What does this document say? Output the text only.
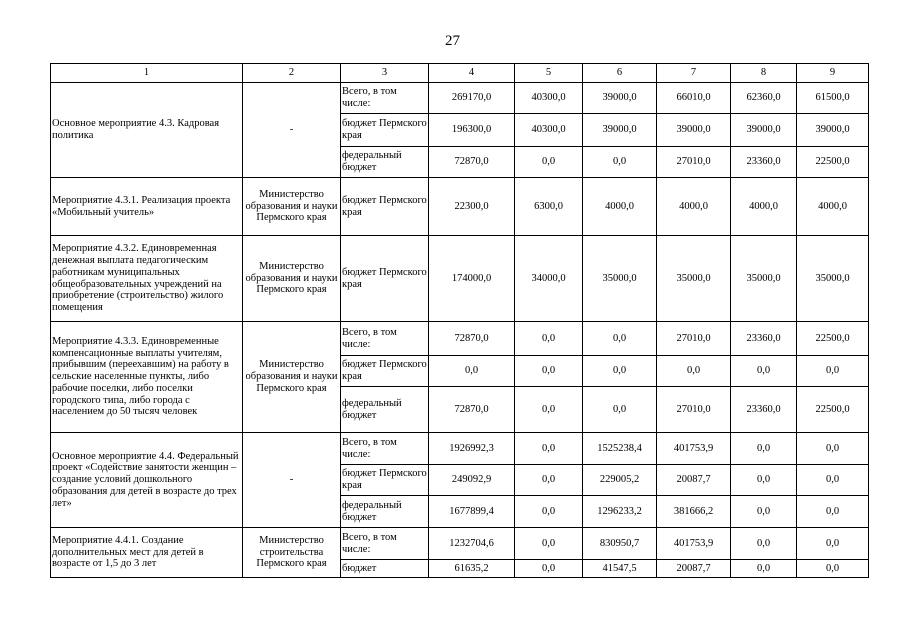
27
1	2	3	4	5	6	7	8	9
Основное мероприятие 4.3. Кадровая политика	-	Всего, в том числе:	269170,0	40300,0	39000,0	66010,0	62360,0	61500,0
		бюджет Пермского края	196300,0	40300,0	39000,0	39000,0	39000,0	39000,0
		федеральный бюджет	72870,0	0,0	0,0	27010,0	23360,0	22500,0
Мероприятие 4.3.1. Реализация проекта «Мобильный учитель»	Министерство образования и науки Пермского края	бюджет Пермского края	22300,0	6300,0	4000,0	4000,0	4000,0	4000,0
Мероприятие 4.3.2. Единовременная денежная выплата педагогическим работникам муниципальных общеобразовательных учреждений на приобретение (строительство) жилого помещения	Министерство образования и науки Пермского края	бюджет Пермского края	174000,0	34000,0	35000,0	35000,0	35000,0	35000,0
Мероприятие 4.3.3. Единовременные компенсационные выплаты учителям, прибывшим (переехавшим) на работу в сельские населенные пункты, либо рабочие поселки, либо поселки городского типа, либо города с населением до 50 тысяч человек	Министерство образования и науки Пермского края	Всего, в том числе:	72870,0	0,0	0,0	27010,0	23360,0	22500,0
		бюджет Пермского края	0,0	0,0	0,0	0,0	0,0	0,0
		федеральный бюджет	72870,0	0,0	0,0	27010,0	23360,0	22500,0
Основное мероприятие 4.4. Федеральный проект «Содействие занятости женщин – создание условий дошкольного образования для детей в возрасте до трех лет»	-	Всего, в том числе:	1926992,3	0,0	1525238,4	401753,9	0,0	0,0
		бюджет Пермского края	249092,9	0,0	229005,2	20087,7	0,0	0,0
		федеральный бюджет	1677899,4	0,0	1296233,2	381666,2	0,0	0,0
Мероприятие 4.4.1. Создание дополнительных мест для детей в возрасте от 1,5 до 3 лет	Министерство строительства Пермского края	Всего, в том числе:	1232704,6	0,0	830950,7	401753,9	0,0	0,0
		бюджет	61635,2	0,0	41547,5	20087,7	0,0	0,0
